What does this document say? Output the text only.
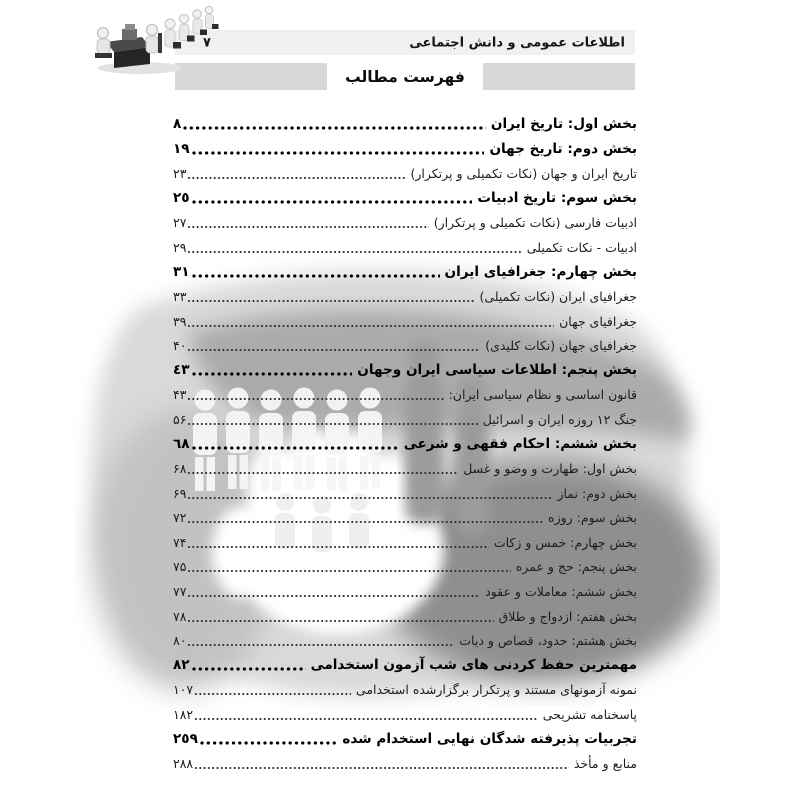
اطلاعات عمومی و دانش اجتماعی
٧
فهرست مطالب
بخش اول: تاریخ ایران
٨
بخش دوم: تاریخ جهان
١٩
تاریخ ایران و جهان (نکات تکمیلی و پرتکرار)
۲۳
بخش سوم: تاریخ ادبیات
٢٥
ادبیات فارسی (نکات تکمیلی و پرتکرار)
۲۷
ادبیات - نکات تکمیلی
۲۹
بخش چهارم: جغرافیای ایران
٣١
جغرافیای ایران (نکات تکمیلی)
۳۳
جغرافیای جهان
۳۹
جغرافیای جهان (نکات کلیدی)
۴۰
بخش پنجم: اطلاعات سیاسی ایران وجهان
٤٣
قانون اساسی و نظام سیاسی ایران:
۴۳
جنگ ۱۲ روزه ایران و اسرائیل
۵۶
بخش ششم: احکام فقهی و شرعی
٦٨
بخش اول: طهارت و وضو و غسل
۶۸
بخش دوم: نماز
۶۹
بخش سوم: روزه
۷۲
بخش چهارم: خمس و زکات
۷۴
بخش پنجم: حج و عمره
۷۵
بخش ششم: معاملات و عقود
۷۷
بخش هفتم: ازدواج و طلاق
۷۸
بخش هشتم: حدود، قصاص و دیات
۸۰
مهمترین حفظ کردنی های شب آزمون استخدامی
٨٢
نمونه آزمونهای مستند و پرتکرار برگزارشده استخدامی
۱۰۷
پاسخنامه تشریحی
۱۸۲
تجربیات پذیرفته شدگان نهایی استخدام شده
٢٥٩
منابع و مأخذ
۲۸۸
